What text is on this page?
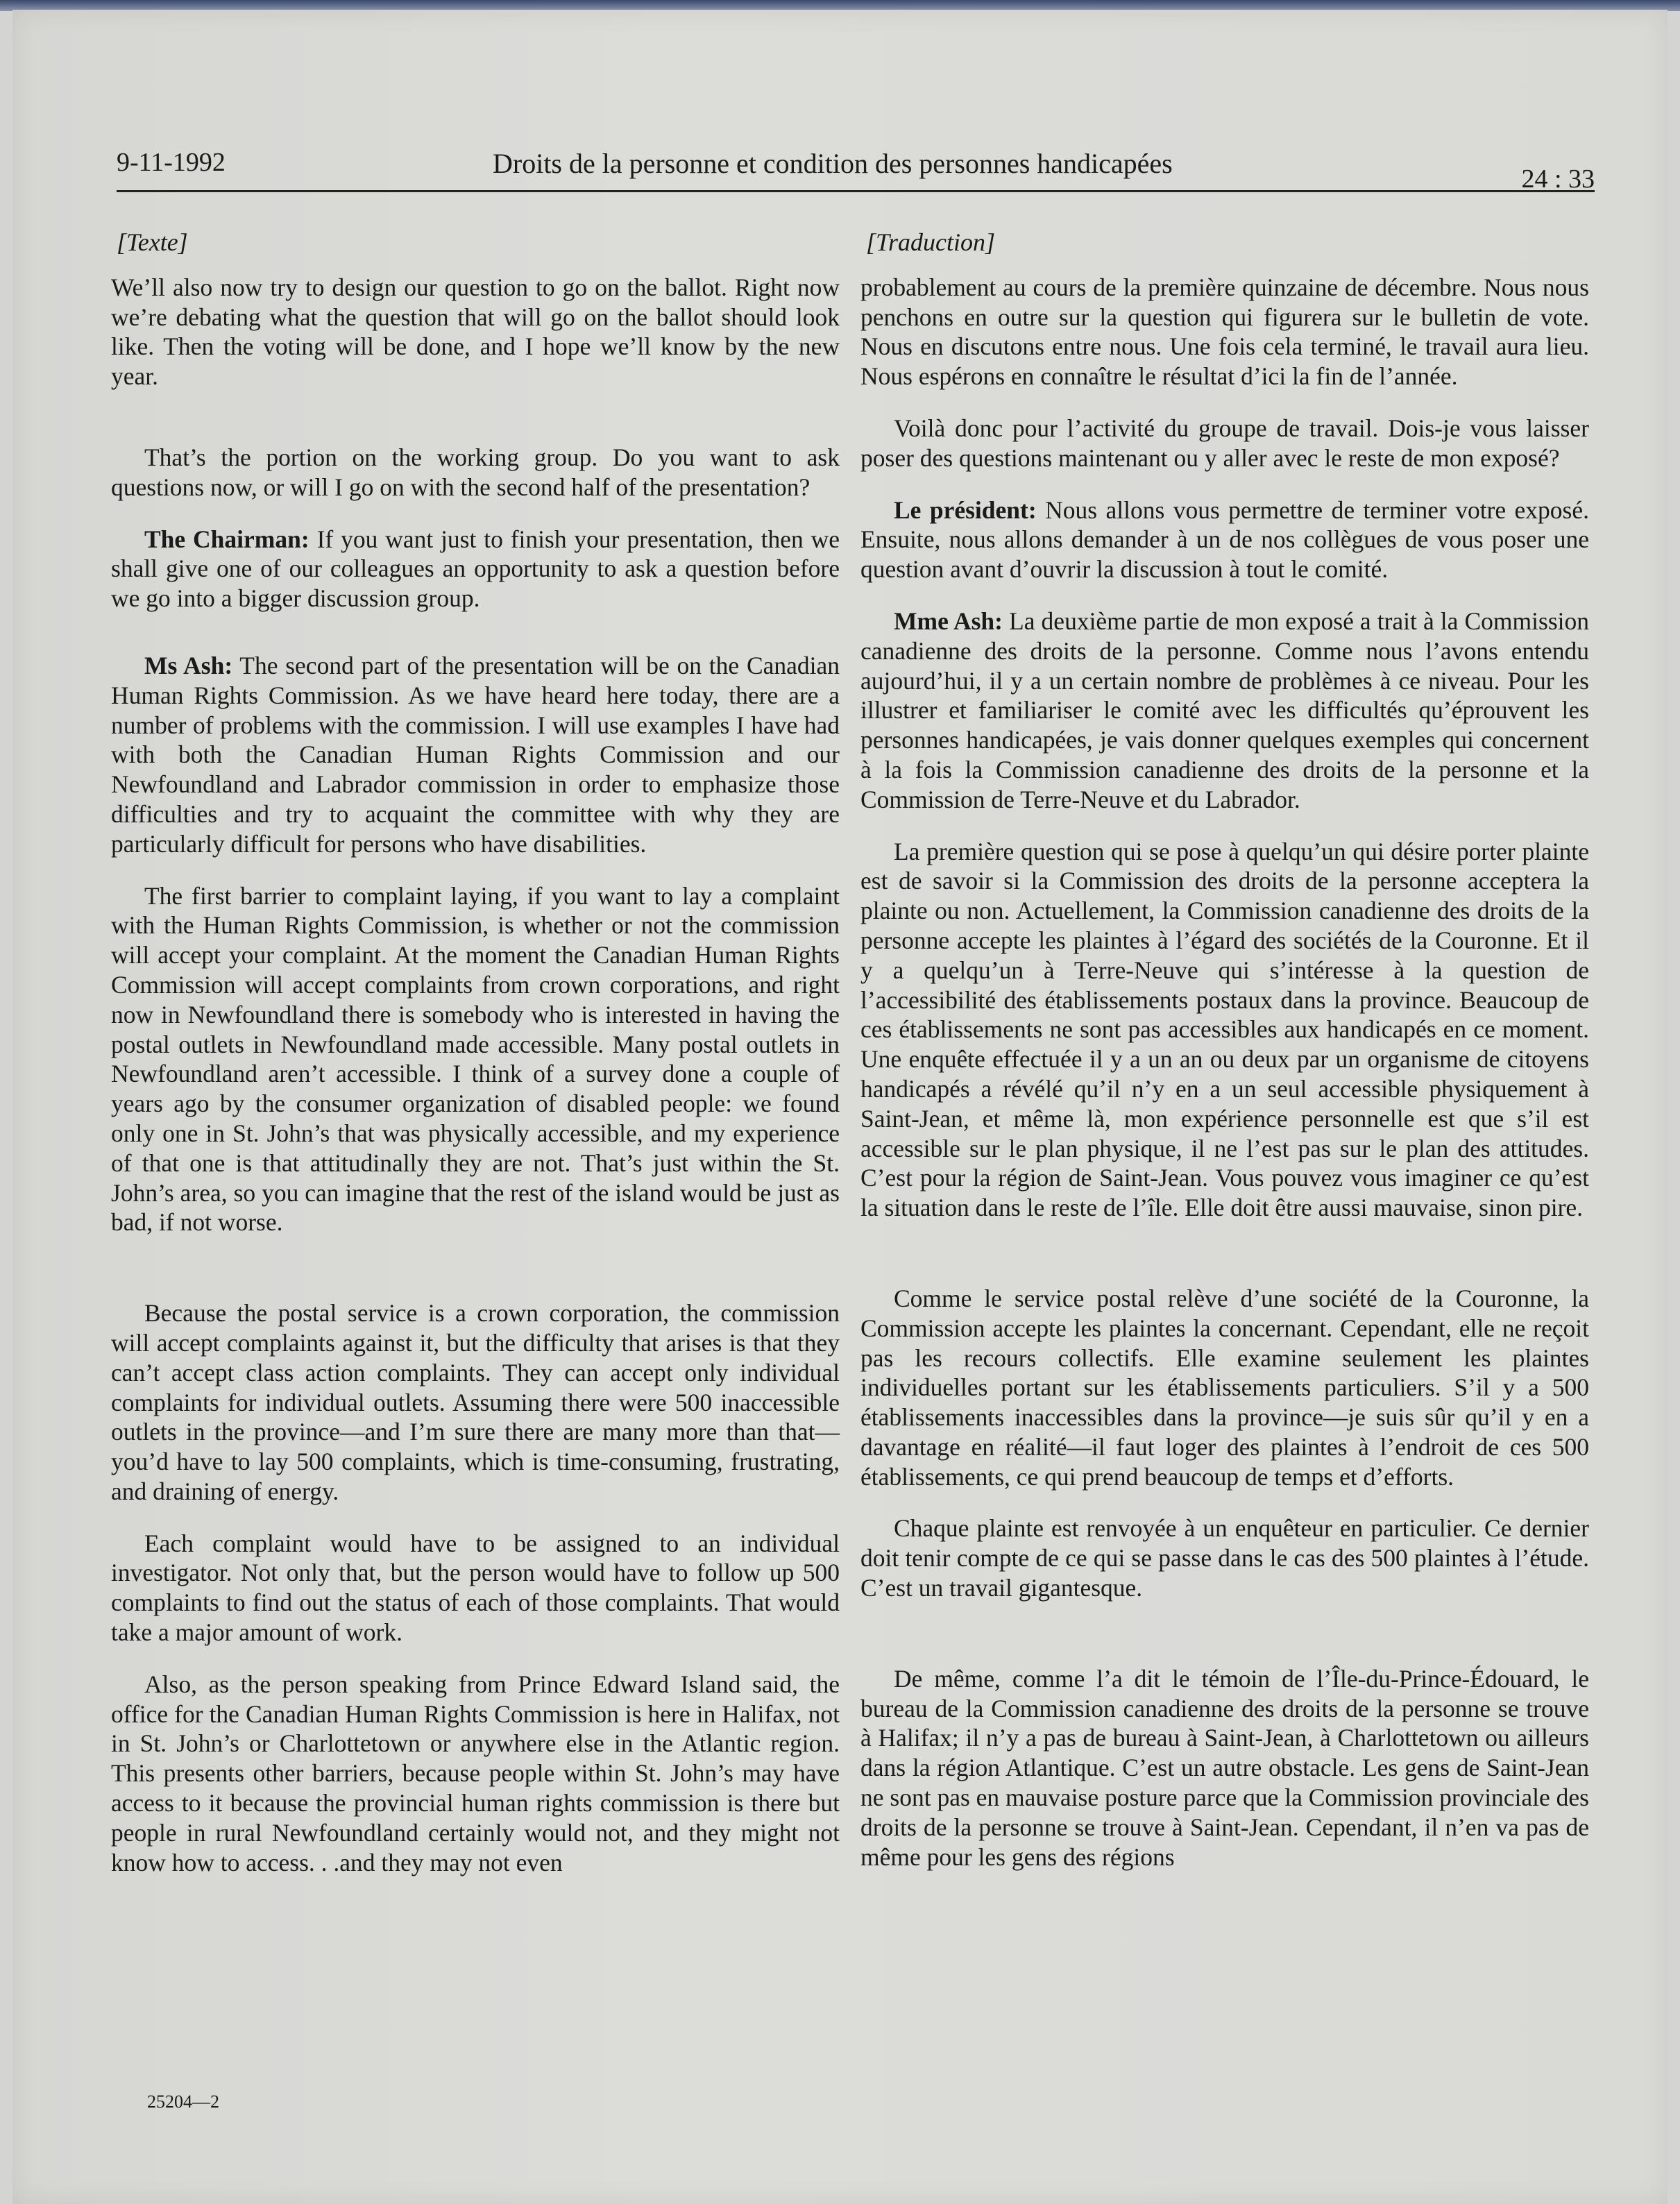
9-11-1992	Droits de la personne et condition des personnes handicapées	24 : 33
[Texte]

We’ll also now try to design our question to go on the ballot. Right now we’re debating what the question that will go on the ballot should look like. Then the voting will be done, and I hope we’ll know by the new year.

That’s the portion on the working group. Do you want to ask questions now, or will I go on with the second half of the presentation?

The Chairman: If you want just to finish your presentation, then we shall give one of our colleagues an opportunity to ask a question before we go into a bigger discussion group.

Ms Ash: The second part of the presentation will be on the Canadian Human Rights Commission. As we have heard here today, there are a number of problems with the commission. I will use examples I have had with both the Canadian Human Rights Commission and our Newfoundland and Labrador commission in order to emphasize those difficulties and try to acquaint the committee with why they are particularly difficult for persons who have disabilities.

The first barrier to complaint laying, if you want to lay a complaint with the Human Rights Commission, is whether or not the commission will accept your complaint. At the moment the Canadian Human Rights Commission will accept complaints from crown corporations, and right now in Newfoundland there is somebody who is interested in having the postal outlets in Newfoundland made accessible. Many postal outlets in Newfoundland aren’t accessible. I think of a survey done a couple of years ago by the consumer organization of disabled people: we found only one in St. John’s that was physically accessible, and my experience of that one is that attitudinally they are not. That’s just within the St. John’s area, so you can imagine that the rest of the island would be just as bad, if not worse.

Because the postal service is a crown corporation, the commission will accept complaints against it, but the difficulty that arises is that they can’t accept class action complaints. They can accept only individual complaints for individual outlets. Assuming there were 500 inaccessible outlets in the province—and I’m sure there are many more than that—you’d have to lay 500 complaints, which is time-consuming, frustrating, and draining of energy.

Each complaint would have to be assigned to an individual investigator. Not only that, but the person would have to follow up 500 complaints to find out the status of each of those complaints. That would take a major amount of work.

Also, as the person speaking from Prince Edward Island said, the office for the Canadian Human Rights Commission is here in Halifax, not in St. John’s or Charlottetown or anywhere else in the Atlantic region. This presents other barriers, because people within St. John’s may have access to it because the provincial human rights commission is there but people in rural Newfoundland certainly would not, and they might not know how to access. . .and they may not even

[Traduction]

probablement au cours de la première quinzaine de décembre. Nous nous penchons en outre sur la question qui figurera sur le bulletin de vote. Nous en discutons entre nous. Une fois cela terminé, le travail aura lieu. Nous espérons en connaître le résultat d’ici la fin de l’année.

Voilà donc pour l’activité du groupe de travail. Dois-je vous laisser poser des questions maintenant ou y aller avec le reste de mon exposé?

Le président: Nous allons vous permettre de terminer votre exposé. Ensuite, nous allons demander à un de nos collègues de vous poser une question avant d’ouvrir la discussion à tout le comité.

Mme Ash: La deuxième partie de mon exposé a trait à la Commission canadienne des droits de la personne. Comme nous l’avons entendu aujourd’hui, il y a un certain nombre de problèmes à ce niveau. Pour les illustrer et familiariser le comité avec les difficultés qu’éprouvent les personnes handicapées, je vais donner quelques exemples qui concernent à la fois la Commission canadienne des droits de la personne et la Commission de Terre-Neuve et du Labrador.

La première question qui se pose à quelqu’un qui désire porter plainte est de savoir si la Commission des droits de la personne acceptera la plainte ou non. Actuellement, la Commission canadienne des droits de la personne accepte les plaintes à l’égard des sociétés de la Couronne. Et il y a quelqu’un à Terre-Neuve qui s’intéresse à la question de l’accessibilité des établissements postaux dans la province. Beaucoup de ces établissements ne sont pas accessibles aux handicapés en ce moment. Une enquête effectuée il y a un an ou deux par un organisme de citoyens handicapés a révélé qu’il n’y en a un seul accessible physiquement à Saint-Jean, et même là, mon expérience personnelle est que s’il est accessible sur le plan physique, il ne l’est pas sur le plan des attitudes. C’est pour la région de Saint-Jean. Vous pouvez vous imaginer ce qu’est la situation dans le reste de l’île. Elle doit être aussi mauvaise, sinon pire.

Comme le service postal relève d’une société de la Couronne, la Commission accepte les plaintes la concernant. Cependant, elle ne reçoit pas les recours collectifs. Elle examine seulement les plaintes individuelles portant sur les établissements particuliers. S’il y a 500 établissements inaccessibles dans la province—je suis sûr qu’il y en a davantage en réalité—il faut loger des plaintes à l’endroit de ces 500 établissements, ce qui prend beaucoup de temps et d’efforts.

Chaque plainte est renvoyée à un enquêteur en particulier. Ce dernier doit tenir compte de ce qui se passe dans le cas des 500 plaintes à l’étude. C’est un travail gigantesque.

De même, comme l’a dit le témoin de l’Île-du-Prince-Édouard, le bureau de la Commission canadienne des droits de la personne se trouve à Halifax; il n’y a pas de bureau à Saint-Jean, à Charlottetown ou ailleurs dans la région Atlantique. C’est un autre obstacle. Les gens de Saint-Jean ne sont pas en mauvaise posture parce que la Commission provinciale des droits de la personne se trouve à Saint-Jean. Cependant, il n’en va pas de même pour les gens des régions

25204—2
